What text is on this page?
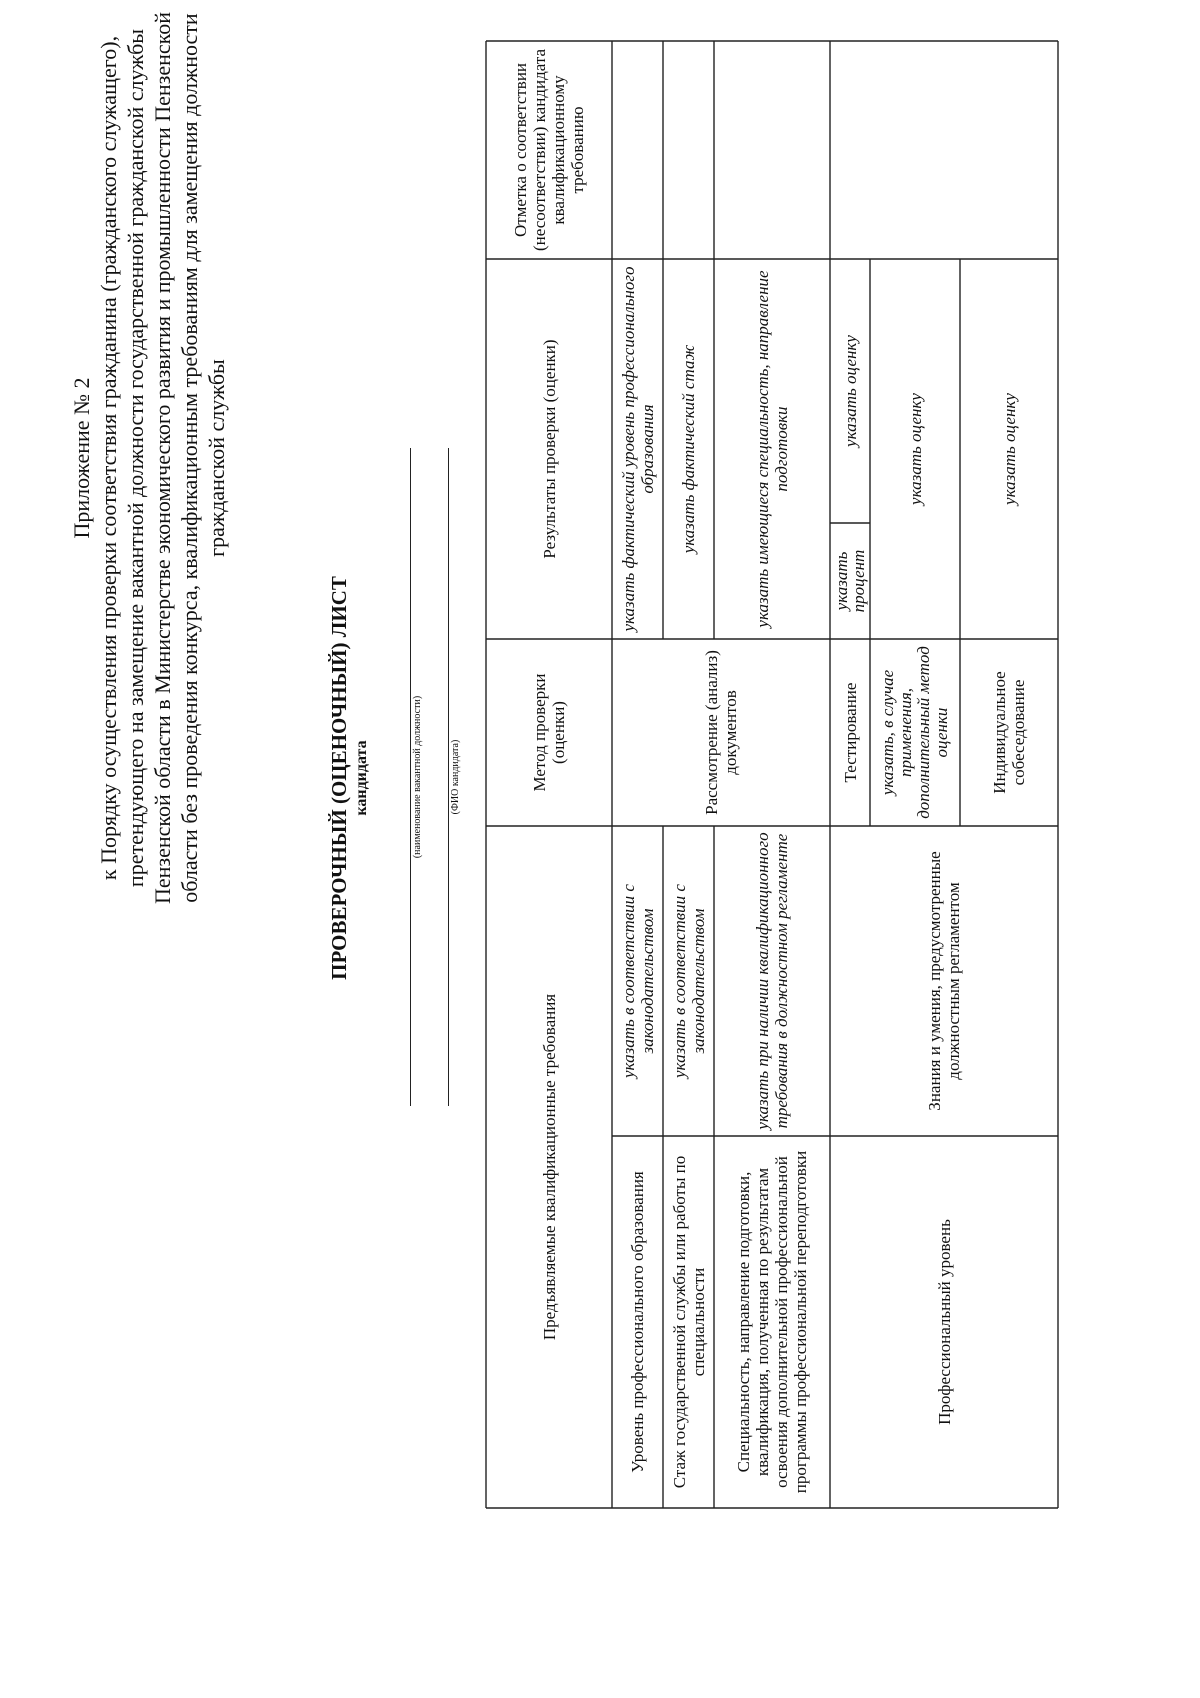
Приложение № 2 к Порядку осуществления проверки соответствия гражданина (гражданского служащего), претендующего на замещение вакантной должности государственной гражданской службы Пензенской области в Министерстве экономического развития и промышленности Пензенской области без проведения конкурса, квалификационным требованиям для замещения должности гражданской службы
ПРОВЕРОЧНЫЙ (ОЦЕНОЧНЫЙ) ЛИСТ кандидата	(наименование вакантной должности)	(ФИО кандидата)
Предъявляемые квалификационные требования
Метод проверки (оценки)
Результаты проверки (оценки)
Отметка о соответствии (несоответствии) кандидата квалификационному требованию
Уровень профессионального образования
указать в соответствии с законодательством
указать фактический уровень профессионального образования
Стаж государственной службы или работы по специальности
указать в соответствии с законодательством
указать фактический стаж
Специальность, направление подготовки, квалификация, полученная по результатам освоения дополнительной профессиональной программы профессиональной переподготовки
указать при наличии квалификационного требования в должностном регламенте
указать имеющиеся специальность, направление подготовки
Рассмотрение (анализ) документов
Профессиональный уровень
Знания и умения, предусмотренные должностным регламентом
Тестирование
указать процент
указать оценку
указать, в случае применения, дополнительный метод оценки
указать оценку
Индивидуальное собеседование
указать оценку
